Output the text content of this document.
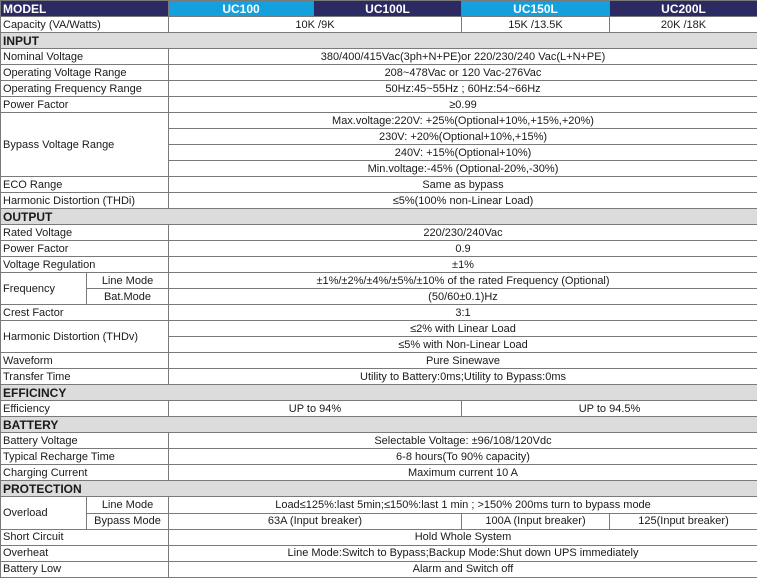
MODEL		UC100	UC100L	UC150L	UC200L
Capacity (VA/Watts)		10K /9K		15K /13.5K	20K /18K
INPUT					
Nominal Voltage		380/400/415Vac(3ph+N+PE)or 220/230/240 Vac(L+N+PE)			
Operating Voltage Range		208~478Vac or 120 Vac-276Vac			
Operating Frequency Range		50Hz:45~55Hz ; 60Hz:54~66Hz			
Power Factor		≥0.99			
Bypass Voltage Range		Max.voltage:220V: +25%(Optional+10%,+15%,+20%)			
		230V: +20%(Optional+10%,+15%)			
		240V: +15%(Optional+10%)			
		Min.voltage:-45% (Optional-20%,-30%)			
ECO Range		Same as bypass			
Harmonic Distortion (THDi)		≤5%(100% non-Linear Load)			
OUTPUT					
Rated Voltage		220/230/240Vac			
Power Factor		0.9			
Voltage Regulation		±1%			
Frequency	Line Mode	±1%/±2%/±4%/±5%/±10% of the rated Frequency (Optional)			
	Bat.Mode	(50/60±0.1)Hz			
Crest Factor		3:1			
Harmonic Distortion (THDv)		≤2% with Linear Load			
		≤5% with Non-Linear Load			
Waveform		Pure Sinewave			
Transfer Time		Utility to Battery:0ms;Utility to Bypass:0ms			
EFFICINCY					
Efficiency		UP to 94%		UP to 94.5%	
BATTERY					
Battery Voltage		Selectable Voltage: ±96/108/120Vdc			
Typical Recharge Time		6-8 hours(To 90% capacity)			
Charging Current		Maximum current 10 A			
PROTECTION					
Overload	Line Mode	Load≤125%:last 5min;≤150%:last 1 min ; >150% 200ms turn to bypass mode			
	Bypass Mode	63A (Input breaker)		100A (Input breaker)	125(Input breaker)
Short Circuit		Hold Whole System			
Overheat		Line Mode:Switch to Bypass;Backup Mode:Shut down UPS immediately			
Battery Low		Alarm and Switch off			
